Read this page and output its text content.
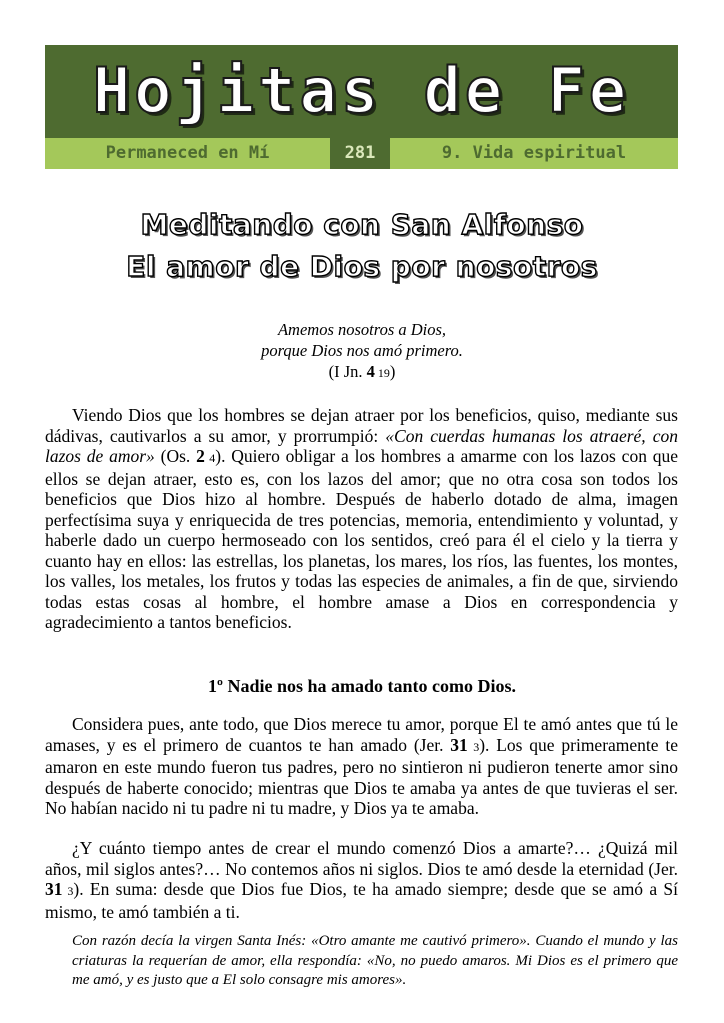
Hojitas de Fe
Permaneced en Mí	281	9. Vida espiritual
Meditando con San Alfonso
El amor de Dios por nosotros
Amemos nosotros a Dios,
porque Dios nos amó primero.
(I Jn. 4 19)

Viendo Dios que los hombres se dejan atraer por los beneficios, quiso, mediante sus dádivas, cautivarlos a su amor, y prorrumpió: «Con cuerdas humanas los atraeré, con lazos de amor» (Os. 2 4). Quiero obligar a los hombres a amarme con los lazos con que ellos se dejan atraer, esto es, con los lazos del amor; que no otra cosa son todos los beneficios que Dios hizo al hombre. Después de haberlo dotado de alma, imagen perfectísima suya y enriquecida de tres potencias, memoria, entendimiento y voluntad, y haberle dado un cuerpo hermoseado con los sentidos, creó para él el cielo y la tierra y cuanto hay en ellos: las estrellas, los planetas, los mares, los ríos, las fuentes, los montes, los valles, los metales, los frutos y todas las especies de animales, a fin de que, sirviendo todas estas cosas al hombre, el hombre amase a Dios en correspondencia y agradecimiento a tantos beneficios.

1º Nadie nos ha amado tanto como Dios.

Considera pues, ante todo, que Dios merece tu amor, porque El te amó antes que tú le amases, y es el primero de cuantos te han amado (Jer. 31 3). Los que primeramente te amaron en este mundo fueron tus padres, pero no sintieron ni pudieron tenerte amor sino después de haberte conocido; mientras que Dios te amaba ya antes de que tuvieras el ser. No habían nacido ni tu padre ni tu madre, y Dios ya te amaba.

¿Y cuánto tiempo antes de crear el mundo comenzó Dios a amarte?… ¿Quizá mil años, mil siglos antes?… No contemos años ni siglos. Dios te amó desde la eternidad (Jer. 31 3). En suma: desde que Dios fue Dios, te ha amado siempre; desde que se amó a Sí mismo, te amó también a ti.

Con razón decía la virgen Santa Inés: «Otro amante me cautivó primero». Cuando el mundo y las criaturas la requerían de amor, ella respondía: «No, no puedo amaros. Mi Dios es el primero que me amó, y es justo que a El solo consagre mis amores».
